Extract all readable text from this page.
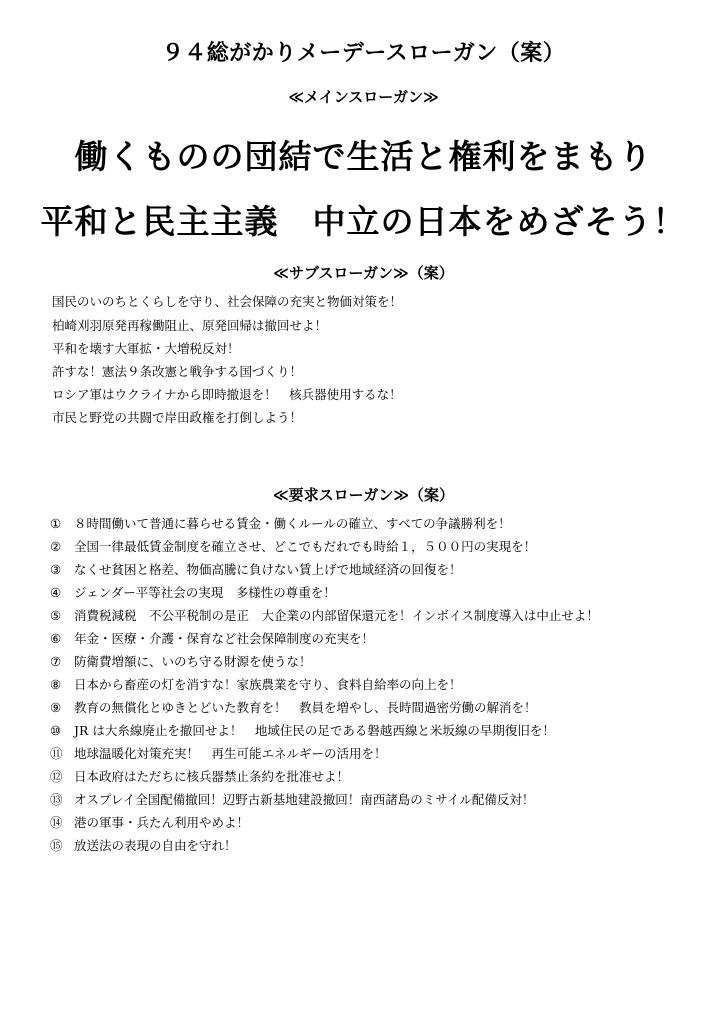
９４総がかりメーデースローガン（案）
≪メインスローガン≫
働くものの団結で生活と権利をまもり
平和と民主主義　中立の日本をめざそう！
≪サブスローガン≫（案）
国民のいのちとくらしを守り、社会保障の充実と物価対策を！
柏崎刈羽原発再稼働阻止、原発回帰は撤回せよ！
平和を壊す大軍拡・大増税反対！
許すな！憲法９条改憲と戦争する国づくり！
ロシア軍はウクライナから即時撤退を！　核兵器使用するな！
市民と野党の共闘で岸田政権を打倒しよう！
≪要求スローガン≫（案）
① ８時間働いて普通に暮らせる賃金・働くルールの確立、すべての争議勝利を！
② 全国一律最低賃金制度を確立させ、どこでもだれでも時給１，５００円の実現を！
③ なくせ貧困と格差、物価高騰に負けない賃上げで地域経済の回復を！
④ ジェンダー平等社会の実現　多様性の尊重を！
⑤ 消費税減税　不公平税制の是正　大企業の内部留保還元を！インボイス制度導入は中止せよ！
⑥ 年金・医療・介護・保育など社会保障制度の充実を！
⑦ 防衛費増額に、いのち守る財源を使うな！
⑧ 日本から畜産の灯を消すな！家族農業を守り、食料自給率の向上を！
⑨ 教育の無償化とゆきとどいた教育を！　教員を増やし、長時間過密労働の解消を！
⑩ JR は大糸線廃止を撤回せよ！　地域住民の足である磐越西線と米坂線の早期復旧を！
⑪ 地球温暖化対策充実！　再生可能エネルギーの活用を！
⑫ 日本政府はただちに核兵器禁止条約を批准せよ！
⑬ オスプレイ全国配備撤回！辺野古新基地建設撤回！南西諸島のミサイル配備反対！
⑭ 港の軍事・兵たん利用やめよ！
⑮ 放送法の表現の自由を守れ！
